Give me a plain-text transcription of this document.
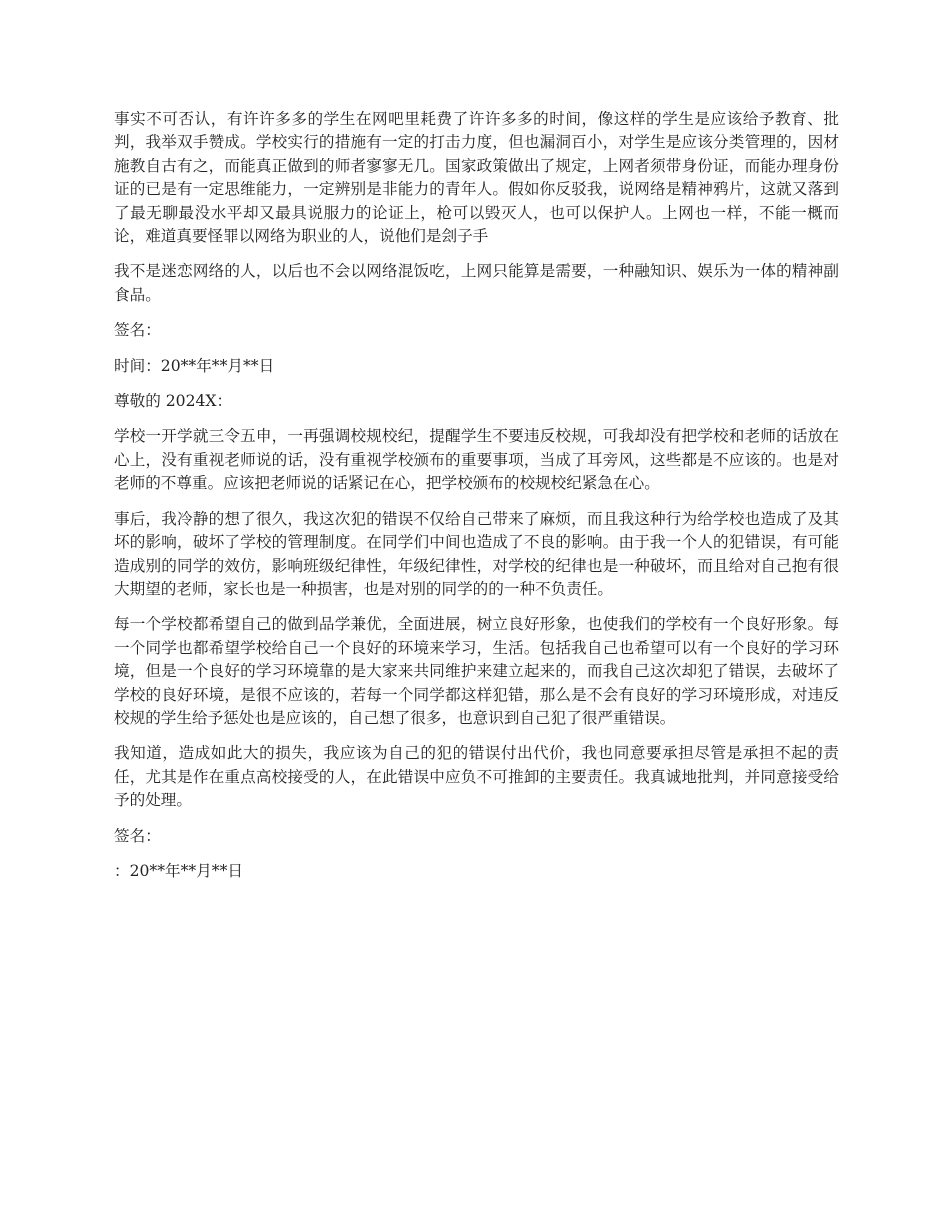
事实不可否认，有许许多多的学生在网吧里耗费了许许多多的时间，像这样的学生是应该给予教育、批判，我举双手赞成。学校实行的措施有一定的打击力度，但也漏洞百小，对学生是应该分类管理的，因材施教自古有之，而能真正做到的师者寥寥无几。国家政策做出了规定，上网者须带身份证，而能办理身份证的已是有一定思维能力，一定辨别是非能力的青年人。假如你反驳我，说网络是精神鸦片，这就又落到了最无聊最没水平却又最具说服力的论证上，枪可以毁灭人，也可以保护人。上网也一样，不能一概而论，难道真要怪罪以网络为职业的人，说他们是刽子手

我不是迷恋网络的人，以后也不会以网络混饭吃，上网只能算是需要，一种融知识、娱乐为一体的精神副食品。

签名：

时间：20**年**月**日

尊敬的 2024X：

学校一开学就三令五申，一再强调校规校纪，提醒学生不要违反校规，可我却没有把学校和老师的话放在心上，没有重视老师说的话，没有重视学校颁布的重要事项，当成了耳旁风，这些都是不应该的。也是对老师的不尊重。应该把老师说的话紧记在心，把学校颁布的校规校纪紧急在心。

事后，我冷静的想了很久，我这次犯的错误不仅给自己带来了麻烦，而且我这种行为给学校也造成了及其坏的影响，破坏了学校的管理制度。在同学们中间也造成了不良的影响。由于我一个人的犯错误，有可能造成别的同学的效仿，影响班级纪律性，年级纪律性，对学校的纪律也是一种破坏，而且给对自己抱有很大期望的老师，家长也是一种损害，也是对别的同学的的一种不负责任。

每一个学校都希望自己的做到品学兼优，全面进展，树立良好形象，也使我们的学校有一个良好形象。每一个同学也都希望学校给自己一个良好的环境来学习，生活。包括我自己也希望可以有一个良好的学习环境，但是一个良好的学习环境靠的是大家来共同维护来建立起来的，而我自己这次却犯了错误，去破坏了学校的良好环境，是很不应该的，若每一个同学都这样犯错，那么是不会有良好的学习环境形成，对违反校规的学生给予惩处也是应该的，自己想了很多，也意识到自己犯了很严重错误。

我知道，造成如此大的损失，我应该为自己的犯的错误付出代价，我也同意要承担尽管是承担不起的责任，尤其是作在重点高校接受的人，在此错误中应负不可推卸的主要责任。我真诚地批判，并同意接受给予的处理。

签名：

：20**年**月**日
